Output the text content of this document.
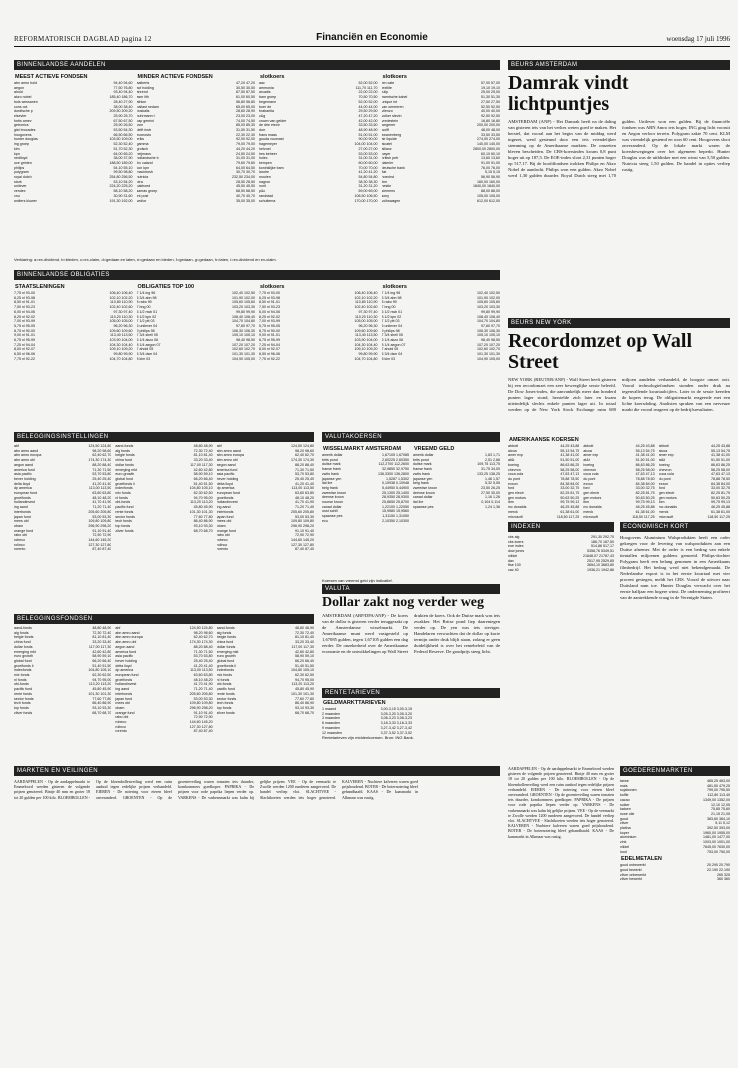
REFORMATORISCH DAGBLAD pagina 12	Financiën en Economie	woensdag 17 juli 1996
BINNENLANDSE AANDELEN
MEEST ACTIEVE FONDSEN
abn amro hold	94,40 94,60
aegon	77,50 76,80
ahold	93,40 94,40
akzo nobel	185,40 186,70
bols wessanen	28,40 27,90
cons oct	38,00 38,40
dordtsche p	209,50 209,20
elsevier	25,90 25,70
fortis amev	67,50 67,50
getronics	25,90 26,50
gist brocades	53,50 54,30
hoogovens	66,50 66,50
hunter douglas	103,50 109,00
ing groep	52,30 52,40
klm	51,70 52,30
kpn	64,00 65,20
nedlloyd	38,00 37,90
oce grinten	188,50 189,00
philips	54,10 55,10
polygram	99,50 98,80
royal dutch	254,80 256,50
stork	53,10 54,20
unilever	224,20 225,20
vendex	58,10 58,20
vnu	30,90 31,60
wolters kluwer	191,30 192,00
MINDER ACTIEVE FONDSEN
aalberts	47,20 47,20
acf holding	30,50 30,50
ahrend	87,50 87,50
asm lith	61,00 60,50
athlon	56,80 56,80
ballast nedam	65,00 65,00
boskalis	28,60 28,90
buhrmann t	23,00 23,00
cap gemini	74,00 74,50
csm	85,00 85,30
delft instr	31,50 31,50
econosto	22,30 22,30
eriks	92,00 92,00
gamma	79,00 79,00
grolsch	44,20 44,20
heijmans	24,50 24,50
hollandsche b	31,00 31,00
ihc caland	79,60 79,60
kon kpn	64,00 64,50
macintosh	30,70 30,70
nutricia	232,50 234,00
otra	28,50 28,50
pakhoed	45,50 45,50
samas groep	68,50 68,50
tnt post	40,70 40,70
vedior	35,00 35,00
slotkoers
aac	52,00 52,00
ammonia	111,70 111,70
arcadis	22,00 22,00
bam groep	70,50 70,50
begemann	52,00 52,00
boer de	44,00 44,00
brabantia	29,50 29,50
c&g	47,20 47,20
crown van gelder	42,00 42,00
de drie electr	33,50 33,50
dorr	48,90 48,90
frans maas	51,00 51,00
gouda vuurvast	90,00 90,00
hagemeyer	104,00 104,00
helvoet	27,00 27,00
hes beheer	53,00 53,00
holec	31,00 31,00
kempen	60,00 60,00
koninklijke bam	70,00 70,00
landre	41,20 41,20
moolen	54,80 54,80
nagron	38,30 38,30
norit	31,20 31,20
p&c	69,00 69,00
randstad	106,50 106,50
schuitema	170,00 170,00
slotkoers
ten cate	57,00 57,00
textlite	19,10 19,10
tulip	25,00 25,00
twentsche kabel	51,30 51,30
unique int	27,50 27,50
van ommeren	52,50 52,50
vilenzo	40,00 40,00
volker stevin	92,50 92,50
vredestein	16,80 16,80
wegener	200,00 200,00
wolff	48,00 48,00
zwanenberg	33,50 33,50
air liquide	274,00 274,00
alcatel	140,00 140,00
allianz	2800,00 2800,00
bayer	60,10 60,10
british petr	13,60 13,60
daimler	91,00 91,00
deutsche bank	76,00 76,00
fiat	5,15 5,15
hoechst	56,90 56,90
ibm	160,00 160,00
nestle	1840,00 1840,00
siemens	88,00 88,00
sony	105,00 105,00
volkswagen	612,00 612,00
Verklaring: a=ex-dividend, b=bieden, c=ex-claim, d=gedaan en laten, e=gedaan en bieden, f=gedaan, g=gedaan, h=laten, i=ex-dividend en ex-claim.
BINNENLANDSE OBLIGATIES
STAATSLENINGEN
7,75 nl 93-00	106,40 106,40
6,25 nl 93-98	102,10 102,20
8,50 nl 91-01	110,80 110,90
7,50 nl 93-23	102,40 102,60
6,00 nl 94-06	97,30 97,40
8,25 nl 92-02	110,20 110,30
7,00 nl 93-99	105,00 105,00
5,75 nl 95-05	96,20 96,30
8,75 nl 90-00	109,60 109,60
9,00 nl 91-01	113,40 113,50
6,75 nl 95-99	103,90 104,00
7,25 nl 94-04	104,30 104,40
8,00 nl 92-07	109,10 109,20
6,50 nl 96-06	99,80 99,90
7,75 nl 92-22	104,70 104,80
OBLIGATIES TOP 100
7 1/4 ing 96	102,40 102,50
6 3/4 abn 98	101,90 102,00
8 rabo 99	105,60 105,60
7 bng 00	103,20 103,30
6 1/2 nwb 01	99,80 99,90
8 1/2 kpn 02	108,40 108,40
7 1/2 ptt 03	104,70 104,80
6 unilever 04	97,60 97,70
9 philips 98	106,30 106,30
7 3/4 shell 05	105,10 105,10
6 1/4 akzo 06	98,40 98,50
8 1/4 aegon 07	107,20 107,20
7 ahold 05	102,60 102,70
6 3/4 dsm 04	101,30 101,30
8 klm 03	104,90 105,00
slotkoers
7,75 nl 93-00	106,40 106,40
6,25 nl 93-98	102,10 102,20
8,50 nl 91-01	110,80 110,90
7,50 nl 93-23	102,40 102,60
6,00 nl 94-06	97,30 97,40
8,25 nl 92-02	110,20 110,30
7,00 nl 93-99	105,00 105,00
5,75 nl 95-05	96,20 96,30
8,75 nl 90-00	109,60 109,60
9,00 nl 91-01	113,40 113,50
6,75 nl 95-99	103,90 104,00
7,25 nl 94-04	104,30 104,40
8,00 nl 92-07	109,10 109,20
6,50 nl 96-06	99,80 99,90
7,75 nl 92-22	104,70 104,80
slotkoers
7 1/4 ing 96	102,40 102,50
6 3/4 abn 98	101,90 102,00
8 rabo 99	105,60 105,60
7 bng 00	103,20 103,30
6 1/2 nwb 01	99,80 99,90
8 1/2 kpn 02	108,40 108,40
7 1/2 ptt 03	104,70 104,80
6 unilever 04	97,60 97,70
9 philips 98	106,30 106,30
7 3/4 shell 05	105,10 105,10
6 1/4 akzo 06	98,40 98,50
8 1/4 aegon 07	107,20 107,20
7 ahold 05	102,60 102,70
6 3/4 dsm 04	101,30 101,30
8 klm 03	104,90 105,00
BELEGGINGSINSTELLINGEN
abf	124,50 124,80
abn amro aand	98,20 98,60
abn amro europa	62,40 62,70
abn amro obl	174,30 174,30
aegon aand	88,20 88,40
america fund	71,30 71,50
asia pacific	53,70 53,80
bever holding	25,40 25,40
delta lloyd	41,20 41,40
dp america	113,00 113,50
european fund	63,60 63,80
groeifonds	48,10 48,20
hollandinvest	41,70 41,90
ing aand	71,20 71,40
interbonds	205,60 205,80
japan fund	53,00 53,30
mees obl	109,80 109,80
obam	296,90 298,20
orange fund	91,10 91,40
rabo obl	72,90 72,90
robeco	144,60 145,20
rolinco	127,30 127,80
rorento	87,40 87,40
aand-fonds	48,80 48,90
alg fonds	72,30 72,40
belgie fonds	81,10 81,40
china fund	33,20 33,40
dollar fonds	117,00 117,30
emerging mkt	42,60 42,80
euro growth	58,90 59,10
global fund	66,20 66,40
groeifonds ii	51,40 51,50
indexfonds	104,80 105,10
mix fonds	62,30 62,50
nl fonds	94,70 95,00
obl-fonds	113,20 113,20
pacific fund	45,80 45,90
rente fonds	101,30 101,30
sector fonds	77,60 77,80
tech fonds	86,40 86,90
top fonds	93,10 93,30
zilver fonds	68,70 68,70
abf	124,50 124,80
abn amro aand	98,20 98,60
abn amro europa	62,40 62,70
abn amro obl	174,30 174,30
aegon aand	88,20 88,40
america fund	71,30 71,50
asia pacific	53,70 53,80
bever holding	25,40 25,40
delta lloyd	41,20 41,40
dp america	113,00 113,50
european fund	63,60 63,80
groeifonds	48,10 48,20
hollandinvest	41,70 41,90
ing aand	71,20 71,40
interbonds	205,60 205,80
japan fund	53,00 53,30
mees obl	109,80 109,80
obam	296,90 298,20
orange fund	91,10 91,40
rabo obl	72,90 72,90
robeco	144,60 145,20
rolinco	127,30 127,80
rorento	87,40 87,40
VALUTAKOERSEN
WISSELMARKT AMSTERDAM
amerik dollar	1,67105 1,67085
brits pond	2,60225 2,60350
duitse mark	112,2700 112,2600
franse frank	32,9850 32,9750
zwits frank	136,3300 136,2800
japanse yen	1,5287 1,5302
ital lire	0,10938 0,10948
belg frank	5,44950 5,44900
zweedse kroon	25,1300 25,1400
deense kroon	28,9350 28,9300
noorse kroon	25,8650 25,8700
canad dollar	1,22100 1,22050
oost schill	15,9580 15,9560
spaanse pes	1,31150 1,31050
ecu	2,10350 2,10300
VREEMD GELD
amerik dollar	1,63 1,71
brits pond	2,51 2,66
duitse mark	109,75 113,75
franse frank	31,75 34,00
zwits frank	133,25 138,25
japanse yen	1,46 1,57
belg frank	5,32 5,55
zweedse kroon	23,50 26,25
deense kroon	27,50 30,00
canad dollar	1,16 1,26
ital lire	0,104 0,114
spaanse pes	1,24 1,36
Koersen van vreemd geld zijn indicatief.
BELEGGINGSFONDSEN
aand-fonds	48,80 48,90
alg fonds	72,30 72,40
belgie fonds	81,10 81,40
china fund	33,20 33,40
dollar fonds	117,00 117,30
emerging mkt	42,60 42,80
euro growth	58,90 59,10
global fund	66,20 66,40
groeifonds ii	51,40 51,50
indexfonds	104,80 105,10
mix fonds	62,30 62,50
nl fonds	94,70 95,00
obl-fonds	113,20 113,20
pacific fund	45,80 45,90
rente fonds	101,30 101,30
sector fonds	77,60 77,80
tech fonds	86,40 86,90
top fonds	93,10 93,30
zilver fonds	68,70 68,70
abf	124,50 124,80
abn amro aand	98,20 98,60
abn amro europa	62,40 62,70
abn amro obl	174,30 174,30
aegon aand	88,20 88,40
america fund	71,30 71,50
asia pacific	53,70 53,80
bever holding	25,40 25,40
delta lloyd	41,20 41,40
dp america	113,00 113,50
european fund	63,60 63,80
groeifonds	48,10 48,20
hollandinvest	41,70 41,90
ing aand	71,20 71,40
interbonds	205,60 205,80
japan fund	53,00 53,30
mees obl	109,80 109,80
obam	296,90 298,20
orange fund	91,10 91,40
rabo obl	72,90 72,90
robeco	144,60 145,20
rolinco	127,30 127,80
rorento	87,40 87,40
aand-fonds	48,80 48,90
alg fonds	72,30 72,40
belgie fonds	81,10 81,40
china fund	33,20 33,40
dollar fonds	117,00 117,30
emerging mkt	42,60 42,80
euro growth	58,90 59,10
global fund	66,20 66,40
groeifonds ii	51,40 51,50
indexfonds	104,80 105,10
mix fonds	62,30 62,50
nl fonds	94,70 95,00
obl-fonds	113,20 113,20
pacific fund	45,80 45,90
rente fonds	101,30 101,30
sector fonds	77,60 77,80
tech fonds	86,40 86,90
top fonds	93,10 93,30
zilver fonds	68,70 68,70
VALUTA
Dollar zakt nog verder weg
AMSTERDAM (ABP/DPA/ANP) - De koers van de dollar is gisteren verder teruggezakt op de Amsterdamse wisselmarkt. De Amerikaanse munt werd vastgesteld op 1,67085 gulden, tegen 1,67105 gulden een dag eerder. De onzekerheid over de Amerikaanse economie en de ontwikkelingen op Wall Street drukten de koers. Ook de Duitse mark was iets zwakker. Het Britse pond liep daarentegen verder op. De yen was iets steviger. Handelaren verwachten dat de dollar op korte termijn onder druk blijft staan, zolang er geen duidelijkheid is over het rentebeleid van de Federal Reserve. De goudprijs steeg licht.
RENTETARIEVEN
GELDMARKTTARIEVEN
1 maand	3,00-3,15 3,00-3,15
2 maanden	3,05-3,20 3,05-3,20
3 maanden	3,08-3,23 3,08-3,23
6 maanden	3,18-3,33 3,18-3,33
9 maanden	3,27-3,42 3,27-3,42
12 maanden	3,37-3,52 3,37-3,52
Rentetarieven zijn middenkoersen. Bron: ING Bank.
MARKTEN EN VEILINGEN
AARDAPPELEN - Op de aardappelmarkt te Emmeloord werden gisteren de volgende prijzen genoteerd. Bintje 40 mm en groter 18 tot 20 gulden per 100 kilo. BLOEMBOLLEN - Op de bloembollenveiling werd een ruim aanbod tegen redelijke prijzen verhandeld. EIEREN - De notering voor eieren bleef onveranderd. GROENTEN - Op de groenteveiling waren tomaten iets duurder, komkommers goedkoper. PAPRIKA - De prijzen voor rode paprika liepen verder op. VARKENS - De varkensmarkt was kalm bij gelijke prijzen. VEE - Op de veemarkt te Zwolle werden 1200 runderen aangevoerd. De handel verliep vlot. SLACHTVEE - Slachtkoeien werden iets hoger genoteerd. KALVEREN - Nuchtere kalveren waren goed prijshoudend. BOTER - De boternotering bleef gehandhaafd. KAAS - De kaasmarkt in Alkmaar was rustig.
BEURS AMSTERDAM
Damrak vindt lichtpuntjes
AMSTERDAM (ANP) - Het Damrak heeft na de daling van gisteren iets van het verlies weten goed te maken. Het herstel, dat vooral aan het begin van de middag werd ingezet, werd gesteund door een iets vriendelijker stemming op de Amerikaanse markten. De omzetten bleven bescheiden. De CBS-koersindex kwam 0,8 punt hoger uit op 187,5. De EOE-index sloot 2,31 punten hoger op 517,17. Bij de hoofdfondsen trokken Philips en Akzo Nobel de aandacht. Philips won een gulden. Akzo Nobel werd 1,30 gulden duurder. Royal Dutch steeg met 1,70 gulden. Unilever won een gulden. Bij de financiële fondsen was ABN Amro iets hoger, ING ging licht vooruit en Aegon verloor terrein. Polygram zakte 70 cent. KLM was vriendelijk gestemd en won 60 cent. Hoogovens sloot onveranderd. Op de lokale markt waren de koersbewegingen over het algemeen beperkt. Hunter Douglas was de uitblinker met een winst van 5,50 gulden. Nutricia steeg 1,50 gulden. De handel in opties verliep rustig.
BEURS NEW YORK
Recordomzet op Wall Street
NEW YORK (REUTER/ANP) - Wall Street heeft gisteren bij een recordomzet een zeer beweeglijke sessie beleefd. De Dow Jones-index, die aanvankelijk meer dan honderd punten lager stond, herstelde zich later en kwam uiteindelijk slechts enkele punten lager uit. In totaal werden op de New York Stock Exchange ruim 680 miljoen aandelen verhandeld, de hoogste omzet ooit. Vooral technologiefondsen stonden onder druk na tegenvallende kwartaalcijfers. Later in de sessie keerden de kopers terug. De obligatiemarkt reageerde met een lichte koersdaling. Analisten spraken van een nerveuze markt die vooral reageert op de bedrijfsresultaten.
AMERIKAANSE KOERSEN
abbott	44,25 43,88
alcoa	55,13 54,75
amer exp	41,38 41,00
at&t	51,50 51,00
boeing	86,63 86,25
chevron	58,25 58,00
coca cola	47,63 47,13
du pont	78,88 78,50
exxon	84,38 84,00
ford	33,00 32,75
gen electr	82,25 81,75
gen motors	50,63 50,25
ibm	99,75 99,13
mc donalds	46,25 45,88
merck	61,38 61,00
microsoft	118,50 117,25
abbott	44,25 43,88
alcoa	55,13 54,75
amer exp	41,38 41,00
at&t	51,50 51,00
boeing	86,63 86,25
chevron	58,25 58,00
coca cola	47,63 47,13
du pont	78,88 78,50
exxon	84,38 84,00
ford	33,00 32,75
gen electr	82,25 81,75
gen motors	50,63 50,25
ibm	99,75 99,13
mc donalds	46,25 45,88
merck	61,38 61,00
microsoft	118,50 117,25
abbott	44,25 43,88
alcoa	55,13 54,75
amer exp	41,38 41,00
at&t	51,50 51,00
boeing	86,63 86,25
chevron	58,25 58,00
coca cola	47,63 47,13
du pont	78,88 78,50
exxon	84,38 84,00
ford	33,00 32,75
gen electr	82,25 81,75
gen motors	50,63 50,25
ibm	99,75 99,13
mc donalds	46,25 45,88
merck	61,38 61,00
microsoft	118,50 117,25
INDEXEN
cbs alg	291,30 292,70
cbs koers	186,70 187,50
eoe index	514,86 517,17
dow jones	5358,76 5349,51
nikkei	21848,07 21787,43
dax	2517,95 2529,85
ftse 100	3654,10 3663,80
cac 40	1936,21 1942,86
ECONOMISCH KORT
Hoogovens Aluminium Walsprodukten heeft een order gekregen voor de levering van walsprodukten aan een Duitse afnemer. Met de order is een bedrag van enkele tientallen miljoenen guldens gemoeid. Philips-dochter Polygram heeft een belang genomen in een Amerikaans filmbedrijf. Het bedrag werd niet bekendgemaakt. De Nederlandse export is in het eerste kwartaal met vier procent gestegen, meldt het CBS. Vooral de uitvoer naar Duitsland nam toe. Hunter Douglas verwacht over het eerste halfjaar een hogere winst. De onderneming profiteert van de aantrekkende vraag in de Verenigde Staten.
GOEDERENMARKTEN
tarwe	465,25 463,00
mais	481,50 479,25
sojabonen	799,00 795,50
koffie	112,80 113,40
cacao	1349,00 1352,00
suiker	12,10 12,05
katoen	75,85 75,60
ruwe olie	21,15 21,05
goud	383,60 384,10
zilver	5,11 5,12
platina	392,50 393,00
koper	1960,00 1955,00
aluminium	1481,00 1477,00
zink	1003,00 1001,00
nikkel	7645,00 7630,00
lood	753,00 750,00
EDELMETALEN
goud onbewerkt	20.290 20.790
goud bewerkt	22.190 22.190
zilver onbewerkt	265 325
zilver bewerkt	360 360
AARDAPPELEN - Op de aardappelmarkt te Emmeloord werden gisteren de volgende prijzen genoteerd. Bintje 40 mm en groter 18 tot 20 gulden per 100 kilo. BLOEMBOLLEN - Op de bloembollenveiling werd een ruim aanbod tegen redelijke prijzen verhandeld. EIEREN - De notering voor eieren bleef onveranderd. GROENTEN - Op de groenteveiling waren tomaten iets duurder, komkommers goedkoper. PAPRIKA - De prijzen voor rode paprika liepen verder op. VARKENS - De varkensmarkt was kalm bij gelijke prijzen. VEE - Op de veemarkt te Zwolle werden 1200 runderen aangevoerd. De handel verliep vlot. SLACHTVEE - Slachtkoeien werden iets hoger genoteerd. KALVEREN - Nuchtere kalveren waren goed prijshoudend. BOTER - De boternotering bleef gehandhaafd. KAAS - De kaasmarkt in Alkmaar was rustig.
